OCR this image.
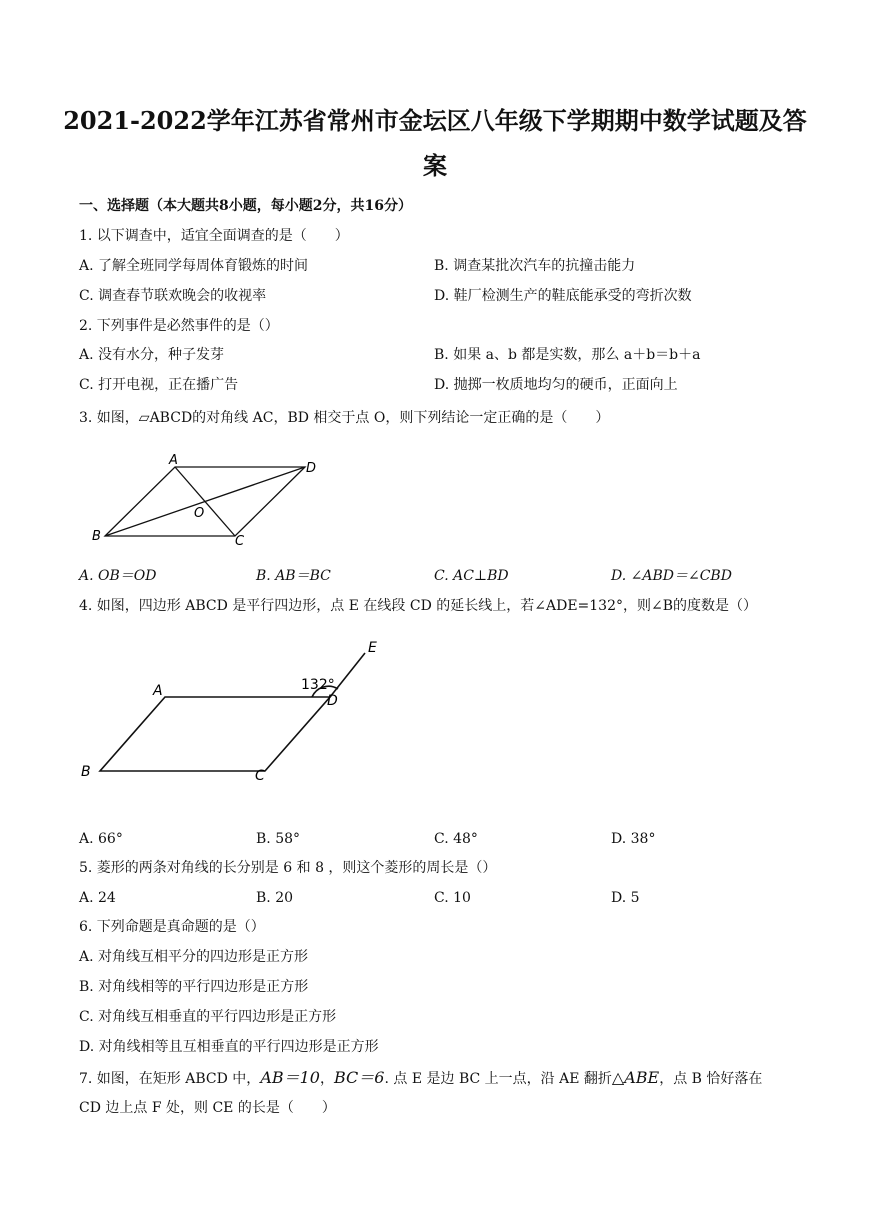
2021-2022学年江苏省常州市金坛区八年级下学期期中数学试题及答
案
一、选择题（本大题共8小题，每小题2分，共16分）
1. 以下调查中，适宜全面调查的是（　　）
A. 了解全班同学每周体育锻炼的时间	B. 调查某批次汽车的抗撞击能力
C. 调查春节联欢晚会的收视率	D. 鞋厂检测生产的鞋底能承受的弯折次数
2. 下列事件是必然事件的是（）
A. 没有水分，种子发芽	B. 如果 a、b 都是实数，那么 a＋b＝b＋a
C. 打开电视，正在播广告	D. 抛掷一枚质地均匀的硬币，正面向上
3. 如图，▱ABCD的对角线 AC，BD 相交于点 O，则下列结论一定正确的是（　　）
A
D
B	C
O
A. OB＝OD	B. AB＝BC	C. AC⊥BD	D. ∠ABD＝∠CBD
4. 如图，四边形 ABCD 是平行四边形，点 E 在线段 CD 的延长线上，若∠ADE=132°，则∠B的度数是（）
A
D
E
B	C
132°
A. 66°	B. 58°	C. 48°	D. 38°
5. 菱形的两条对角线的长分别是 6 和 8 ，则这个菱形的周长是（）
A. 24	B. 20	C. 10	D. 5
6. 下列命题是真命题的是（）
A. 对角线互相平分的四边形是正方形
B. 对角线相等的平行四边形是正方形
C. 对角线互相垂直的平行四边形是正方形
D. 对角线相等且互相垂直的平行四边形是正方形
7. 如图，在矩形 ABCD 中，AB＝10，BC＝6. 点 E 是边 BC 上一点，沿 AE 翻折△ABE，点 B 恰好落在
CD 边上点 F 处，则 CE 的长是（　　）
